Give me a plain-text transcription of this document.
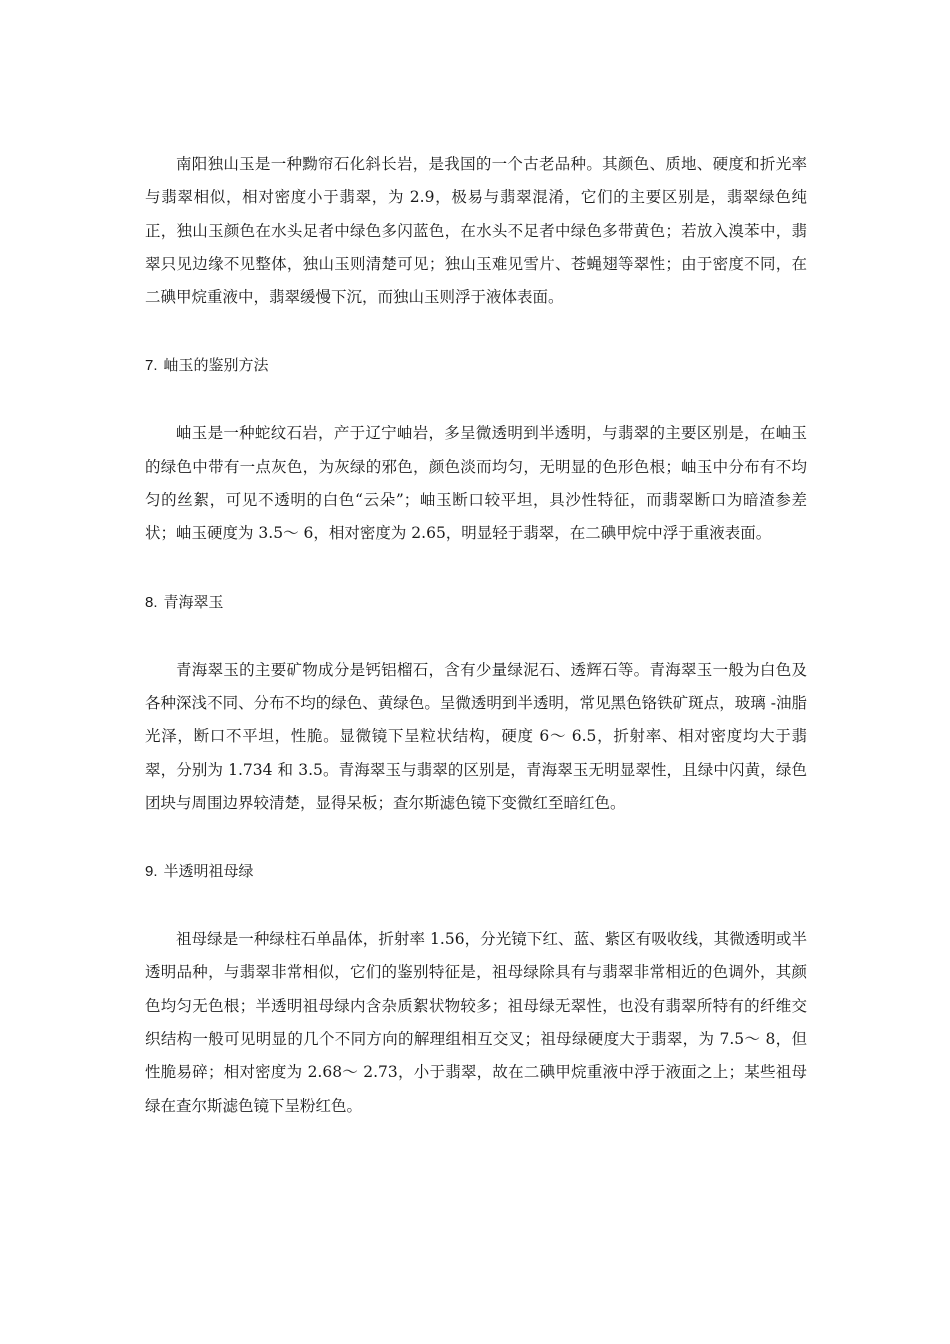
南阳独山玉是一种黝帘石化斜长岩，是我国的一个古老品种。其颜色、质地、硬度和折光率与翡翠相似，相对密度小于翡翠，为 2.9，极易与翡翠混淆，它们的主要区别是，翡翠绿色纯正，独山玉颜色在水头足者中绿色多闪蓝色，在水头不足者中绿色多带黄色；若放入溴苯中，翡翠只见边缘不见整体，独山玉则清楚可见；独山玉难见雪片、苍蝇翅等翠性；由于密度不同，在二碘甲烷重液中，翡翠缓慢下沉，而独山玉则浮于液体表面。

7. 岫玉的鉴别方法

岫玉是一种蛇纹石岩，产于辽宁岫岩，多呈微透明到半透明，与翡翠的主要区别是，在岫玉的绿色中带有一点灰色，为灰绿的邪色，颜色淡而均匀，无明显的色形色根；岫玉中分布有不均匀的丝絮，可见不透明的白色“云朵”；岫玉断口较平坦，具沙性特征，而翡翠断口为暗渣参差状；岫玉硬度为 3.5～ 6，相对密度为 2.65，明显轻于翡翠，在二碘甲烷中浮于重液表面。

8. 青海翠玉

青海翠玉的主要矿物成分是钙铝榴石，含有少量绿泥石、透辉石等。青海翠玉一般为白色及各种深浅不同、分布不均的绿色、黄绿色。呈微透明到半透明，常见黑色铬铁矿斑点，玻璃 -油脂光泽，断口不平坦，性脆。显微镜下呈粒状结构，硬度 6～ 6.5，折射率、相对密度均大于翡翠，分别为 1.734 和 3.5。青海翠玉与翡翠的区别是，青海翠玉无明显翠性，且绿中闪黄，绿色团块与周围边界较清楚，显得呆板；查尔斯滤色镜下变微红至暗红色。

9. 半透明祖母绿

祖母绿是一种绿柱石单晶体，折射率 1.56，分光镜下红、蓝、紫区有吸收线，其微透明或半透明品种，与翡翠非常相似，它们的鉴别特征是，祖母绿除具有与翡翠非常相近的色调外，其颜色均匀无色根；半透明祖母绿内含杂质絮状物较多；祖母绿无翠性，也没有翡翠所特有的纤维交织结构一般可见明显的几个不同方向的解理组相互交叉；祖母绿硬度大于翡翠，为 7.5～ 8，但性脆易碎；相对密度为 2.68～ 2.73，小于翡翠，故在二碘甲烷重液中浮于液面之上；某些祖母绿在查尔斯滤色镜下呈粉红色。
